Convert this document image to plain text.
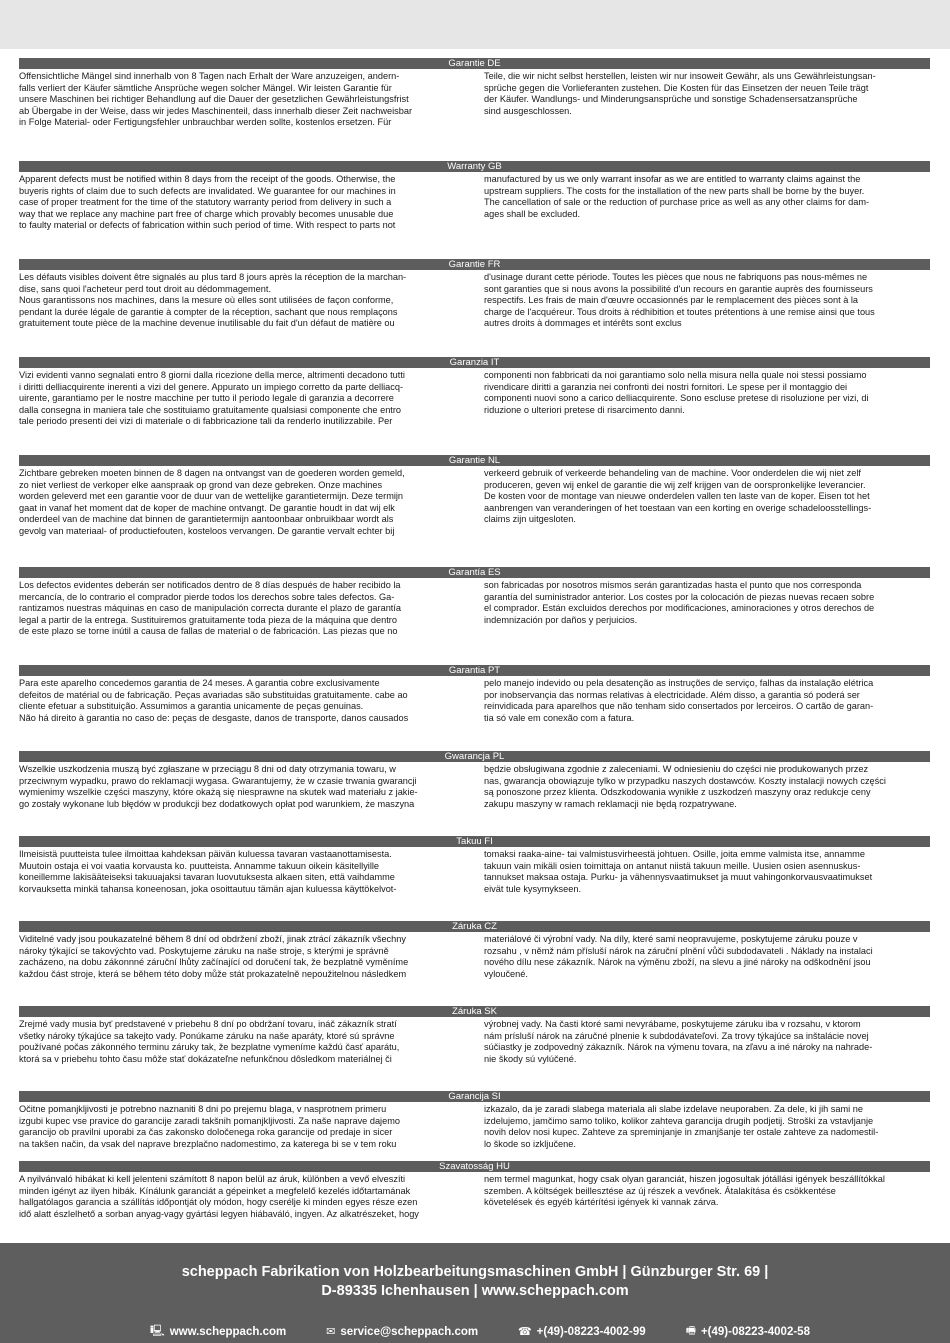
Garantie DE
Offensichtliche Mängel sind innerhalb von 8 Tagen nach Erhalt der Ware anzuzeigen, andern-
falls verliert der Käufer sämtliche Ansprüche wegen solcher Mängel. Wir leisten Garantie für
unsere Maschinen bei richtiger Behandlung auf die Dauer der gesetzlichen Gewährleistungsfrist
ab Übergabe in der Weise, dass wir jedes Maschinenteil, dass innerhalb dieser Zeit nachweisbar
in Folge Material- oder Fertigungsfehler unbrauchbar werden sollte, kostenlos ersetzen. Für
Teile, die wir nicht selbst herstellen, leisten wir nur insoweit Gewähr, als uns Gewährleistungsan-
sprüche gegen die Vorlieferanten zustehen. Die Kosten für das Einsetzen der neuen Teile trägt
der Käufer. Wandlungs- und Minderungsansprüche und sonstige Schadensersatzansprüche
sind ausgeschlossen.
Warranty GB
Apparent defects must be notified within 8 days from the receipt of the goods. Otherwise, the
buyeris rights of claim due to such defects are invalidated. We guarantee for our machines in
case of proper treatment for the time of the statutory warranty period from delivery in such a
way that we replace any machine part free of charge which provably becomes unusable due
to faulty material or defects of fabrication within such period of time. With respect to parts not
manufactured by us we only warrant insofar as we are entitled to warranty claims against the
upstream suppliers. The costs for the installation of the new parts shall be borne by the buyer.
The cancellation of sale or the reduction of purchase price as well as any other claims for dam-
ages shall be excluded.
Garantie FR
Les défauts visibles doivent être signalés au plus tard 8 jours après la réception de la marchan-
dise, sans quoi l'acheteur perd tout droit au dédommagement.
Nous garantissons nos machines, dans la mesure où elles sont utilisées de façon conforme,
pendant la durée légale de garantie à compter de la réception, sachant que nous remplaçons
gratuitement toute pièce de la machine devenue inutilisable du fait d'un défaut de matière ou
d'usinage durant cette période. Toutes les pièces que nous ne fabriquons pas nous-mêmes ne
sont garanties que si nous avons la possibilité d'un recours en garantie auprès des fournisseurs
respectifs. Les frais de main d'œuvre occasionnés par le remplacement des pièces sont à la
charge de l'acquéreur. Tous droits à rédhibition et toutes prétentions à une remise ainsi que tous
autres droits à dommages et intérêts sont exclus
Garanzia IT
Vizi evidenti vanno segnalati entro 8 giorni dalla ricezione della merce, altrimenti decadono tutti
i diritti delliacquirente inerenti a vizi del genere. Appurato un impiego corretto da parte delliacq-
uirente, garantiamo per le nostre macchine per tutto il periodo legale di garanzia a decorrere
dalla consegna in maniera tale che sostituiamo gratuitamente qualsiasi componente che entro
tale periodo presenti dei vizi di materiale o di fabbricazione tali da renderlo inutilizzabile. Per
componenti non fabbricati da noi garantiamo solo nella misura nella quale noi stessi possiamo
rivendicare diritti a garanzia nei confronti dei nostri fornitori. Le spese per il montaggio dei
componenti nuovi sono a carico delliacquirente. Sono escluse pretese di risoluzione per vizi, di
riduzione o ulteriori pretese di risarcimento danni.
Garantie NL
Zichtbare gebreken moeten binnen de 8 dagen na ontvangst van de goederen worden gemeld,
zo niet verliest de verkoper elke aanspraak op grond van deze gebreken. Onze machines
worden geleverd met een garantie voor de duur van de wettelijke garantietermijn. Deze termijn
gaat in vanaf het moment dat de koper de machine ontvangt. De garantie houdt in dat wij elk
onderdeel van de machine dat binnen de garantietermijn aantoonbaar onbruikbaar wordt als
gevolg van materiaal- of productiefouten, kosteloos vervangen. De garantie vervalt echter bij
verkeerd gebruik of verkeerde behandeling van de machine. Voor onderdelen die wij niet zelf
produceren, geven wij enkel de garantie die wij zelf krijgen van de oorspronkelijke leverancier.
De kosten voor de montage van nieuwe onderdelen vallen ten laste van de koper. Eisen tot het
aanbrengen van veranderingen of het toestaan van een korting en overige schadeloosstellings-
claims zijn uitgesloten.
Garantía ES
Los defectos evidentes deberán ser notificados dentro de 8 días después de haber recibido la
mercancía, de lo contrario el comprador pierde todos los derechos sobre tales defectos. Ga-
rantizamos nuestras máquinas en caso de manipulación correcta durante el plazo de garantía
legal a partir de la entrega. Sustituiremos gratuitamente toda pieza de la máquina que dentro
de este plazo se torne inútil a causa de fallas de material o de fabricación. Las piezas que no
son fabricadas por nosotros mismos serán garantizadas hasta el punto que nos corresponda
garantía del suministrador anterior. Los costes por la colocación de piezas nuevas recaen sobre
el comprador. Están excluidos derechos por modificaciones, aminoraciones y otros derechos de
indemnización por daños y perjuicios.
Garantia PT
Para este aparelho concedemos garantia de 24 meses. A garantia cobre exclusivamente
defeitos de matérial ou de fabricação. Peças avariadas são substituidas gratuitamente. cabe ao
cliente efetuar a substituição. Assumimos a garantia unicamente de peças genuinas.
Não há direito à garantia no caso de: peças de desgaste, danos de transporte, danos causados
pelo manejo indevido ou pela desatenção as instruções de serviço, falhas da instalação elétrica
por inobservançia das normas relativas à electricidade. Além disso, a garantia só poderá ser
reinvidicada para aparelhos que não tenham sido consertados por lerceiros. O cartão de garan-
tia só vale em conexão com a fatura.
Gwarancja PL
Wszelkie uszkodzenia muszą być zgłaszane w przeciągu 8 dni od daty otrzymania towaru, w
przeciwnym wypadku, prawo do reklamacji wygasa. Gwarantujemy, że w czasie trwania gwarancji
wymienimy wszelkie części maszyny, które okażą się niesprawne na skutek wad materiału z jakie-
go zostały wykonane lub błędów w produkcji bez dodatkowych opłat pod warunkiem, że maszyna
będzie obsługiwana zgodnie z zaleceniami. W odniesieniu do części nie produkowanych przez
nas, gwarancja obowiązuje tylko w przypadku naszych dostawców. Koszty instalacji nowych części
są ponoszone przez klienta. Odszkodowania wynikłe z uszkodzeń maszyny oraz redukcje ceny
zakupu maszyny w ramach reklamacji nie będą rozpatrywane.
Takuu FI
Ilmeisistä puutteista tulee ilmoittaa kahdeksan päivän kuluessa tavaran vastaanottamisesta.
Muutoin ostaja ei voi vaatia korvausta ko. puutteista. Annamme takuun oikein käsitellyille
koneillemme lakisääteiseksi takuuajaksi tavaran luovutuksesta alkaen siten, että vaihdamme
korvauksetta minkä tahansa koneenosan, joka osoittautuu tämän ajan kuluessa käyttökelvot-
tomaksi raaka-aine- tai valmistusvirheestä johtuen. Osille, joita emme valmista itse, annamme
takuun vain mikäli osien toimittaja on antanut niistä takuun meille. Uusien osien asennuskus-
tannukset maksaa ostaja. Purku- ja vähennysvaatimukset ja muut vahingonkorvausvaatimukset
eivät tule kysymykseen.
Záruka CZ
Viditelné vady jsou poukazatelné během 8 dní od obdržení zboží, jinak ztrácí zákazník všechny
nároky týkající se takovýchto vad. Poskytujeme záruku na naše stroje, s kterými je správně
zacházeno, na dobu zákonnné záruční lhůty začínající od doručení tak, že bezplatně vyměníme
každou část stroje, která se během této doby může stát prokazatelně nepoužitelnou následkem
materiálové či výrobní vady. Na díly, které sami neopravujeme, poskytujeme záruku pouze v
rozsahu , v němž nám přísluší nárok na záruční plnění vůči subdodavateli . Náklady na instalaci
nového dílu nese zákazník. Nárok na výměnu zboží, na slevu a jiné nároky na odškodnění jsou
vyloučené.
Záruka SK
Zrejmé vady musia byť predstavené v priebehu 8 dní po obdržaní tovaru, ináč zákazník stratí
všetky nároky týkajúce sa takejto vady. Ponúkame záruku na naše aparáty, ktoré sú správne
používané počas zákonného terminu záruky tak, že bezplatne vymeníme každú časť aparátu,
ktorá sa v priebehu tohto času môže stať dokázateľne nefunkčnou dôsledkom materiálnej či
výrobnej vady. Na časti ktoré sami nevyrábame, poskytujeme záruku iba v rozsahu, v ktorom
nám prísluší nárok na záručné plnenie k subdodávateľovi. Za trovy týkajúce sa inštalácie novej
súčiastky je zodpovedný zákazník. Nárok na výmenu tovara, na zľavu a iné nároky na nahrade-
nie škody sú vylúčené.
Garancija SI
Očitne pomanjkljivosti je potrebno naznaniti 8 dni po prejemu blaga, v nasprotnem primeru
izgubi kupec vse pravice do garancije zaradi takšnih pomanjkljivosti. Za naše naprave dajemo
garancijo ob pravilni uporabi za čas zakonsko določenega roka garancije od predaje in sicer
na takšen način, da vsak del naprave brezplačno nadomestimo, za katerega bi se v tem roku
izkazalo, da je zaradi slabega materiala ali slabe izdelave neuporaben. Za dele, ki jih sami ne
izdelujemo, jamčimo samo toliko, kolikor zahteva garancija drugih podjetij. Stroški za vstavljanje
novih delov nosi kupec. Zahteve za spreminjanje in zmanjšanje ter ostale zahteve za nadomestil-
lo škode so izključene.
Szavatosság HU
A nyilvánvaló hibákat ki kell jelenteni számított 8 napon belül az áruk, különben a vevő elveszíti
minden igényt az ilyen hibák. Kínálunk garanciát a gépeinket a megfelelő kezelés időtartamának
hallgatólagos garancia a szállítás időpontját oly módon, hogy cserélje ki minden egyes része ezen
idő alatt észlelhető a sorban anyag-vagy gyártási legyen hiábaváló, ingyen. Az alkatrészeket, hogy
nem termel magunkat, hogy csak olyan garanciát, hiszen jogosultak jótállási igények beszállítókkal
szemben. A költségek beillesztése az új részek a vevőnek. Átalakítása és csökkentése
követelések és egyéb kártérítési igények ki vannak zárva.
scheppach Fabrikation von Holzbearbeitungsmaschinen GmbH | Günzburger Str. 69 |
D-89335 Ichenhausen | www.scheppach.com
🖳 www.scheppach.com	✉ service@scheppach.com	☎ +(49)-08223-4002-99	🖷 +(49)-08223-4002-58
